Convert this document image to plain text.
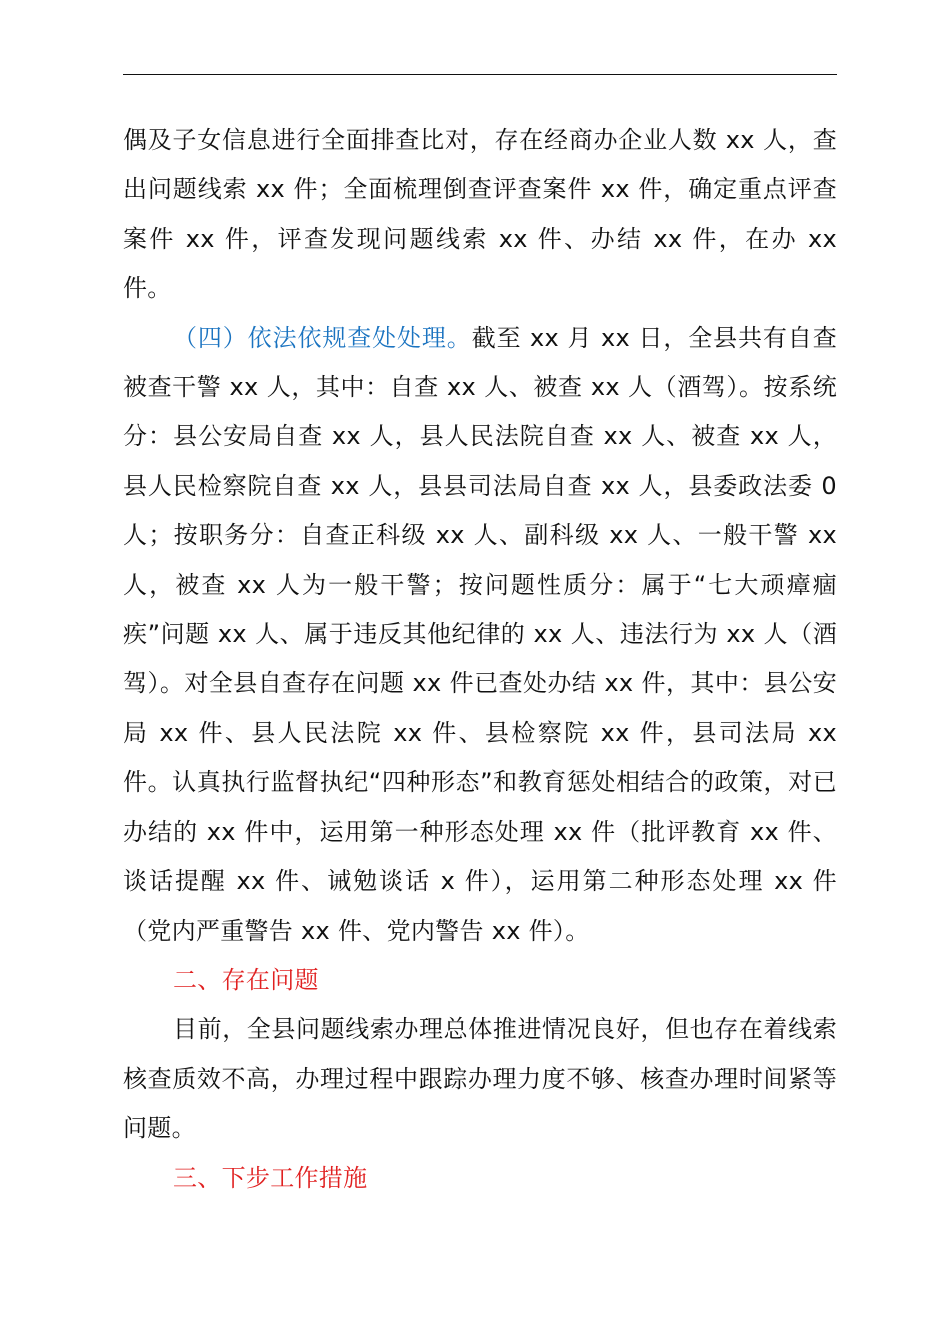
偶及子女信息进行全面排查比对，存在经商办企业人数 xx 人，查出问题线索 xx 件；全面梳理倒查评查案件 xx 件，确定重点评查案件 xx 件，评查发现问题线索 xx 件、办结 xx 件，在办 xx 件。

（四）依法依规查处处理。截至 xx 月 xx 日，全县共有自查被查干警 xx 人，其中：自查 xx 人、被查 xx 人（酒驾）。按系统分：县公安局自查 xx 人，县人民法院自查 xx 人、被查 xx 人，县人民检察院自查 xx 人，县县司法局自查 xx 人，县委政法委 0 人；按职务分：自查正科级 xx 人、副科级 xx 人、一般干警 xx 人，被查 xx 人为一般干警；按问题性质分：属于“七大顽瘴痼疾”问题 xx 人、属于违反其他纪律的 xx 人、违法行为 xx 人（酒驾）。对全县自查存在问题 xx 件已查处办结 xx 件，其中：县公安局 xx 件、县人民法院 xx 件、县检察院 xx 件，县司法局 xx 件。认真执行监督执纪“四种形态”和教育惩处相结合的政策，对已办结的 xx 件中，运用第一种形态处理 xx 件（批评教育 xx 件、谈话提醒 xx 件、诫勉谈话 x 件），运用第二种形态处理 xx 件（党内严重警告 xx 件、党内警告 xx 件）。

二、存在问题

目前，全县问题线索办理总体推进情况良好，但也存在着线索核查质效不高，办理过程中跟踪办理力度不够、核查办理时间紧等问题。

三、下步工作措施
